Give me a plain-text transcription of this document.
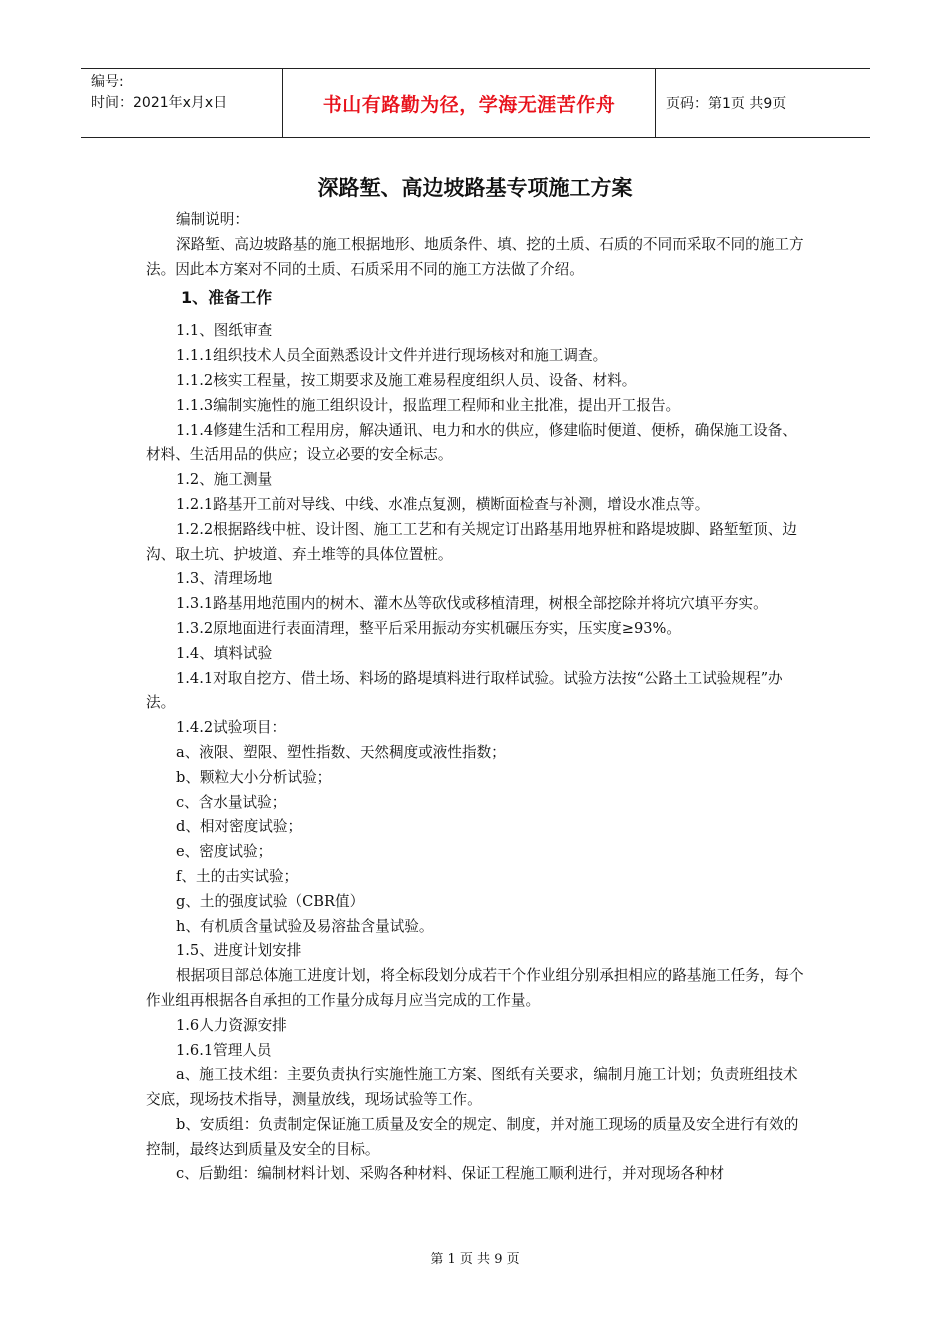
编号:
时间：2021年x月x日	书山有路勤为径，学海无涯苦作舟	页码：第1页 共9页
深路堑、高边坡路基专项施工方案

编制说明：

深路堑、高边坡路基的施工根据地形、地质条件、填、挖的土质、石质的不同而采取不同的施工方法。因此本方案对不同的土质、石质采用不同的施工方法做了介绍。

1、准备工作

1.1、图纸审查

1.1.1组织技术人员全面熟悉设计文件并进行现场核对和施工调查。

1.1.2核实工程量，按工期要求及施工难易程度组织人员、设备、材料。

1.1.3编制实施性的施工组织设计，报监理工程师和业主批准，提出开工报告。

1.1.4修建生活和工程用房，解决通讯、电力和水的供应，修建临时便道、便桥，确保施工设备、材料、生活用品的供应；设立必要的安全标志。

1.2、施工测量

1.2.1路基开工前对导线、中线、水准点复测，横断面检查与补测，增设水准点等。

1.2.2根据路线中桩、设计图、施工工艺和有关规定订出路基用地界桩和路堤坡脚、路堑堑顶、边沟、取土坑、护坡道、弃土堆等的具体位置桩。

1.3、清理场地

1.3.1路基用地范围内的树木、灌木丛等砍伐或移植清理，树根全部挖除并将坑穴填平夯实。

1.3.2原地面进行表面清理，整平后采用振动夯实机碾压夯实，压实度≥93%。

1.4、填料试验

1.4.1对取自挖方、借土场、料场的路堤填料进行取样试验。试验方法按“公路土工试验规程”办法。

1.4.2试验项目：

a、液限、塑限、塑性指数、天然稠度或液性指数；

b、颗粒大小分析试验；

c、含水量试验；

d、相对密度试验；

e、密度试验；

f、土的击实试验；

g、土的强度试验（CBR值）

h、有机质含量试验及易溶盐含量试验。

1.5、进度计划安排

根据项目部总体施工进度计划，将全标段划分成若干个作业组分别承担相应的路基施工任务，每个作业组再根据各自承担的工作量分成每月应当完成的工作量。

1.6人力资源安排

1.6.1管理人员

a、施工技术组：主要负责执行实施性施工方案、图纸有关要求，编制月施工计划；负责班组技术交底，现场技术指导，测量放线，现场试验等工作。

b、安质组：负责制定保证施工质量及安全的规定、制度，并对施工现场的质量及安全进行有效的控制，最终达到质量及安全的目标。

c、后勤组：编制材料计划、采购各种材料、保证工程施工顺利进行，并对现场各种材

第 1 页 共 9 页
